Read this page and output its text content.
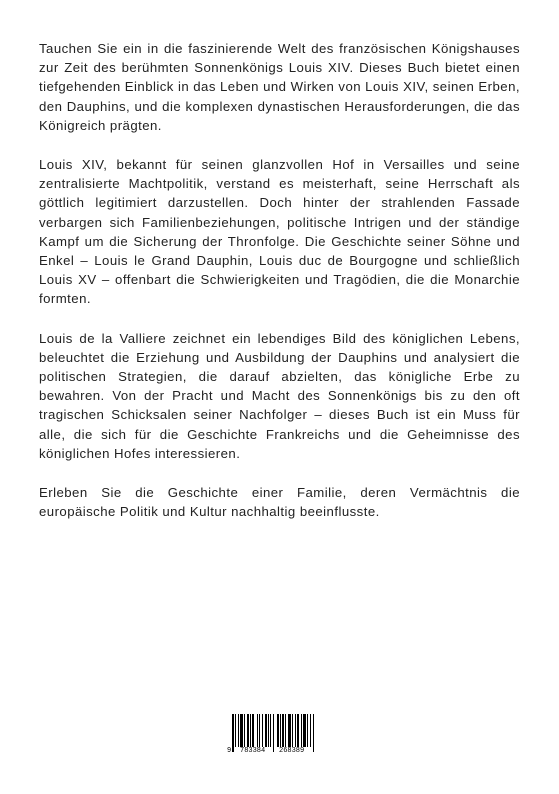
Tauchen Sie ein in die faszinierende Welt des französischen Königshauses zur Zeit des berühmten Sonnenkönigs Louis XIV. Dieses Buch bietet einen tiefgehenden Einblick in das Leben und Wirken von Louis XIV, seinen Erben, den Dauphins, und die komplexen dynastischen Herausforderungen, die das Königreich prägten.

Louis XIV, bekannt für seinen glanzvollen Hof in Versailles und seine zentralisierte Machtpolitik, verstand es meisterhaft, seine Herrschaft als göttlich legitimiert darzustellen. Doch hinter der strahlenden Fassade verbargen sich Familienbeziehungen, politische Intrigen und der ständige Kampf um die Sicherung der Thronfolge. Die Geschichte seiner Söhne und Enkel – Louis le Grand Dauphin, Louis duc de Bourgogne und schließlich Louis XV – offenbart die Schwierigkeiten und Tragödien, die die Monarchie formten.

Louis de la Valliere zeichnet ein lebendiges Bild des königlichen Lebens, beleuchtet die Erziehung und Ausbildung der Dauphins und analysiert die politischen Strategien, die darauf abzielten, das königliche Erbe zu bewahren. Von der Pracht und Macht des Sonnenkönigs bis zu den oft tragischen Schicksalen seiner Nachfolger – dieses Buch ist ein Muss für alle, die sich für die Geschichte Frankreichs und die Geheimnisse des königlichen Hofes interessieren.

Erleben Sie die Geschichte einer Familie, deren Vermächtnis die europäische Politik und Kultur nachhaltig beeinflusste.

9 783384 268389
